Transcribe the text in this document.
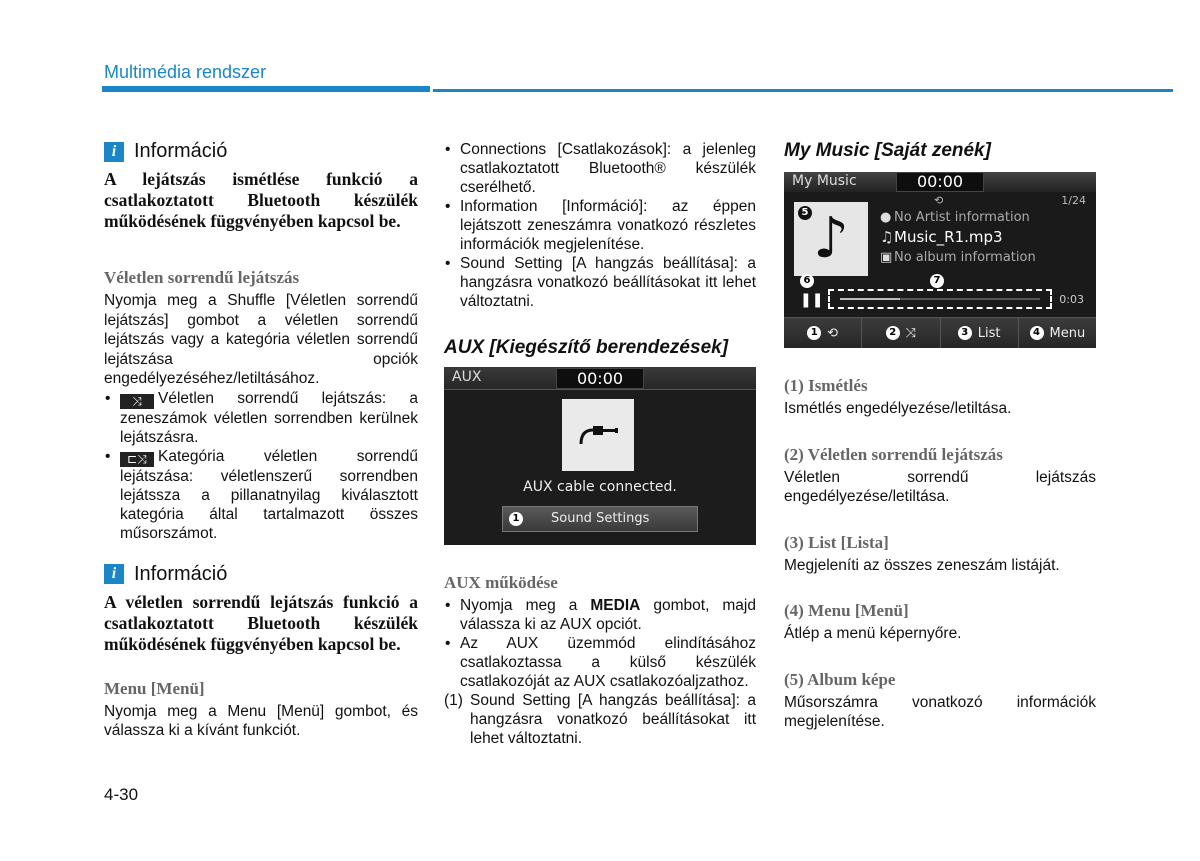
Multimédia rendszer
i Információ

A lejátszás ismétlése funkció a csatlakoztatott Bluetooth készülék működésének függvényében kapcsol be.

Véletlen sorrendű lejátszás

Nyomja meg a Shuffle [Véletlen sorrendű lejátszás] gombot a véletlen sorrendű lejátszás vagy a kategória véletlen sorrendű lejátszása opciók engedélyezéséhez/letiltásához.

• ⤨ Véletlen sorrendű lejátszás: a zeneszámok véletlen sorrendben kerülnek lejátszásra.
• ⊏⤨ Kategória véletlen sorrendű lejátszása: véletlenszerű sorrendben lejátssza a pillanatnyilag kiválasztott kategória által tartalmazott összes műsorszámot.
i Információ

A véletlen sorrendű lejátszás funkció a csatlakoztatott Bluetooth készülék működésének függvényében kapcsol be.

Menu [Menü]

Nyomja meg a Menu [Menü] gombot, és válassza ki a kívánt funkciót.

• Connections [Csatlakozások]: a jelenleg csatlakoztatott Bluetooth® készülék cserélhető.
• Information [Információ]: az éppen lejátszott zeneszámra vonatkozó részletes információk megjelenítése.
• Sound Setting [A hangzás beállítása]: a hangzásra vonatkozó beállításokat itt lehet változtatni.

AUX [Kiegészítő berendezések]

AUX	00:00
AUX cable connected.
1 Sound Settings

AUX működése

• Nyomja meg a MEDIA gombot, majd válassza ki az AUX opciót.
• Az AUX üzemmód elindításához csatlakoztassa a külső készülék csatlakozóját az AUX csatlakozóaljzathoz.
(1) Sound Setting [A hangzás beállítása]: a hangzásra vonatkozó beállításokat itt lehet változtatni.

My Music [Saját zenék]

My Music	00:00
⟲	1/24
5 ♪	● No Artist information
♫Music_R1.mp3
▣ No album information
6	7
❚❚	0:03
1 ⟲	2 ⤨	3 List	4 Menu

(1) Ismétlés

Ismétlés engedélyezése/letiltása.

(2) Véletlen sorrendű lejátszás

Véletlen sorrendű lejátszás engedélyezése/letiltása.

(3) List [Lista]

Megjeleníti az összes zeneszám listáját.

(4) Menu [Menü]

Átlép a menü képernyőre.

(5) Album képe

Műsorszámra vonatkozó információk megjelenítése.

4-30
